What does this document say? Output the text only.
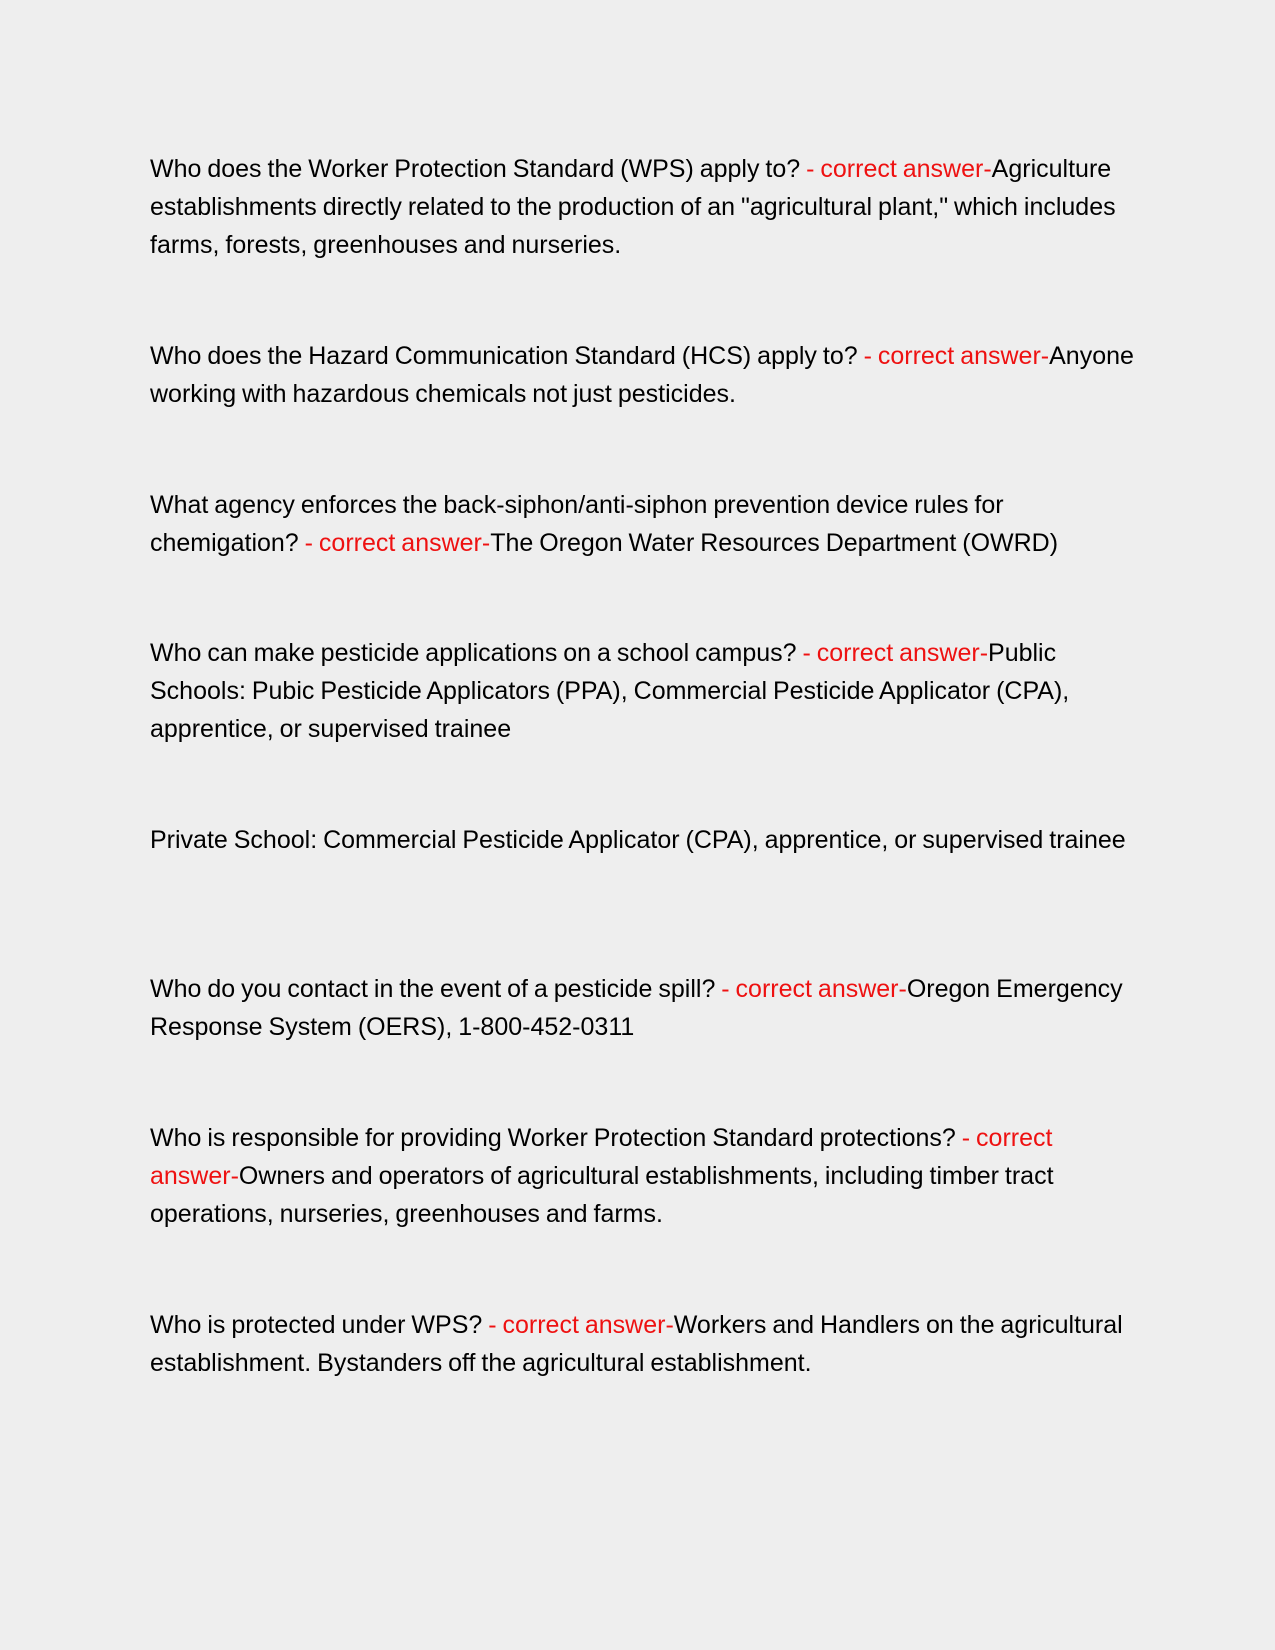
Who does the Worker Protection Standard (WPS) apply to? - correct answer-Agriculture establishments directly related to the production of an "agricultural plant," which includes farms, forests, greenhouses and nurseries.

Who does the Hazard Communication Standard (HCS) apply to? - correct answer-Anyone working with hazardous chemicals not just pesticides.

What agency enforces the back-siphon/anti-siphon prevention device rules for chemigation? - correct answer-The Oregon Water Resources Department (OWRD)

Who can make pesticide applications on a school campus? - correct answer-Public Schools: Pubic Pesticide Applicators (PPA), Commercial Pesticide Applicator (CPA), apprentice, or supervised trainee

Private School: Commercial Pesticide Applicator (CPA), apprentice, or supervised trainee

Who do you contact in the event of a pesticide spill? - correct answer-Oregon Emergency Response System (OERS), 1-800-452-0311

Who is responsible for providing Worker Protection Standard protections? - correct answer-Owners and operators of agricultural establishments, including timber tract operations, nurseries, greenhouses and farms.

Who is protected under WPS? - correct answer-Workers and Handlers on the agricultural establishment. Bystanders off the agricultural establishment.
